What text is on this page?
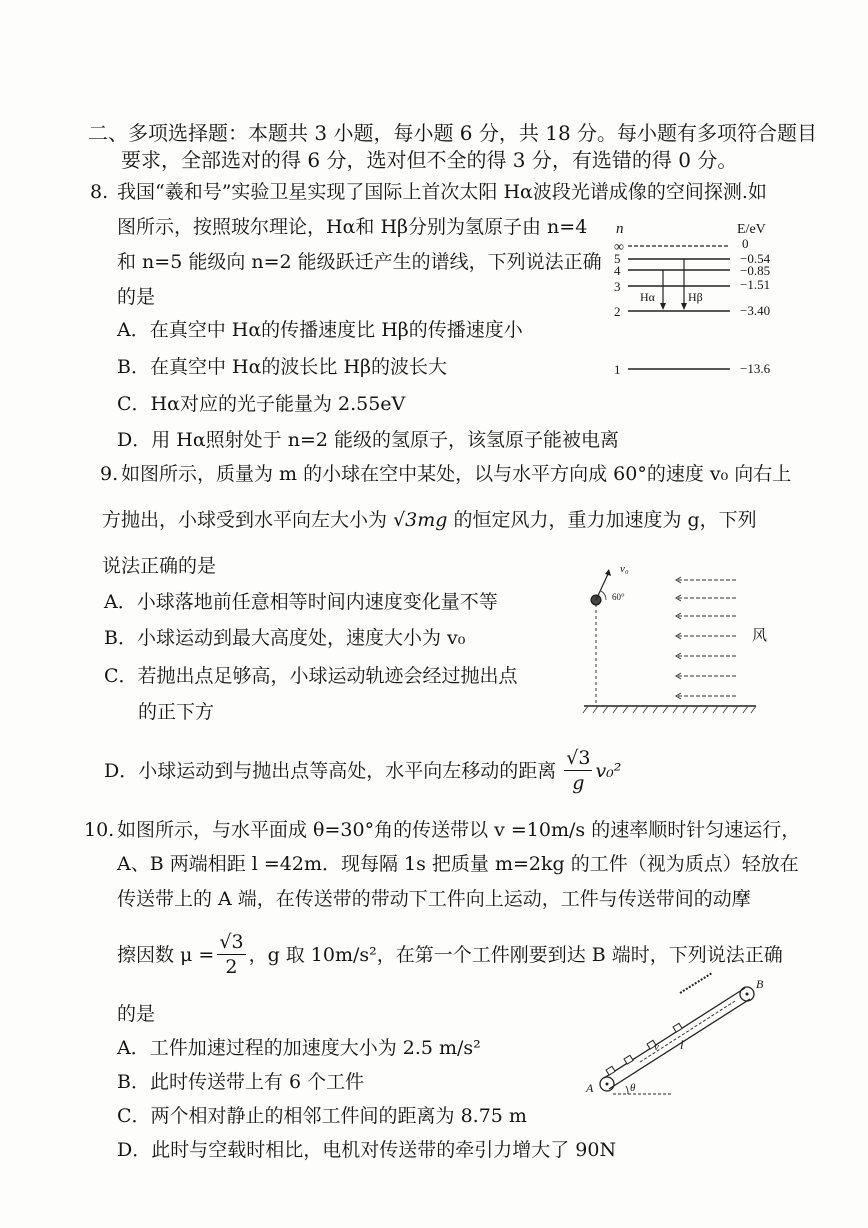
二、多项选择题：本题共 3 小题，每小题 6 分，共 18 分。每小题有多项符合题目
要求，全部选对的得 6 分，选对但不全的得 3 分，有选错的得 0 分。
8. 我国“羲和号”实验卫星实现了国际上首次太阳 Hα波段光谱成像的空间探测.如
图所示，按照玻尔理论，Hα和 Hβ分别为氢原子由 n=4
和 n=5 能级向 n=2 能级跃迁产生的谱线，下列说法正确
的是
A．在真空中 Hα的传播速度比 Hβ的传播速度小
B．在真空中 Hα的波长比 Hβ的波长大
C．Hα对应的光子能量为 2.55eV
D．用 Hα照射处于 n=2 能级的氢原子，该氢原子能被电离
n	E/eV
∞	0
5	−0.54
4	−0.85
3	−1.51
2	−3.40
1	−13.6
Hα	Hβ
9. 如图所示，质量为 m 的小球在空中某处，以与水平方向成 60°的速度 v₀ 向右上
方抛出，小球受到水平向左大小为 √3mg 的恒定风力，重力加速度为 g，下列
说法正确的是
A．小球落地前任意相等时间内速度变化量不等
B．小球运动到最大高度处，速度大小为 v₀
C．若抛出点足够高，小球运动轨迹会经过抛出点
的正下方
D．小球运动到与抛出点等高处，水平向左移动的距离 $\frac{√3}{g} v_0^2$
v₀
60°
风
10. 如图所示，与水平面成 θ=30°角的传送带以 v =10m/s 的速率顺时针匀速运行，
A、B 两端相距 l =42m．现每隔 1s 把质量 m=2kg 的工件（视为质点）轻放在
传送带上的 A 端，在传送带的带动下工件向上运动，工件与传送带间的动摩
擦因数 $\mu = \frac{√3}{2}$ ，g 取 10m/s²，在第一个工件刚要到达 B 端时，下列说法正确
的是
A．工件加速过程的加速度大小为 2.5 m/s²
B．此时传送带上有 6 个工件
C．两个相对静止的相邻工件间的距离为 8.75 m
D．此时与空载时相比，电机对传送带的牵引力增大了 90N
v
θ
A
B
l
